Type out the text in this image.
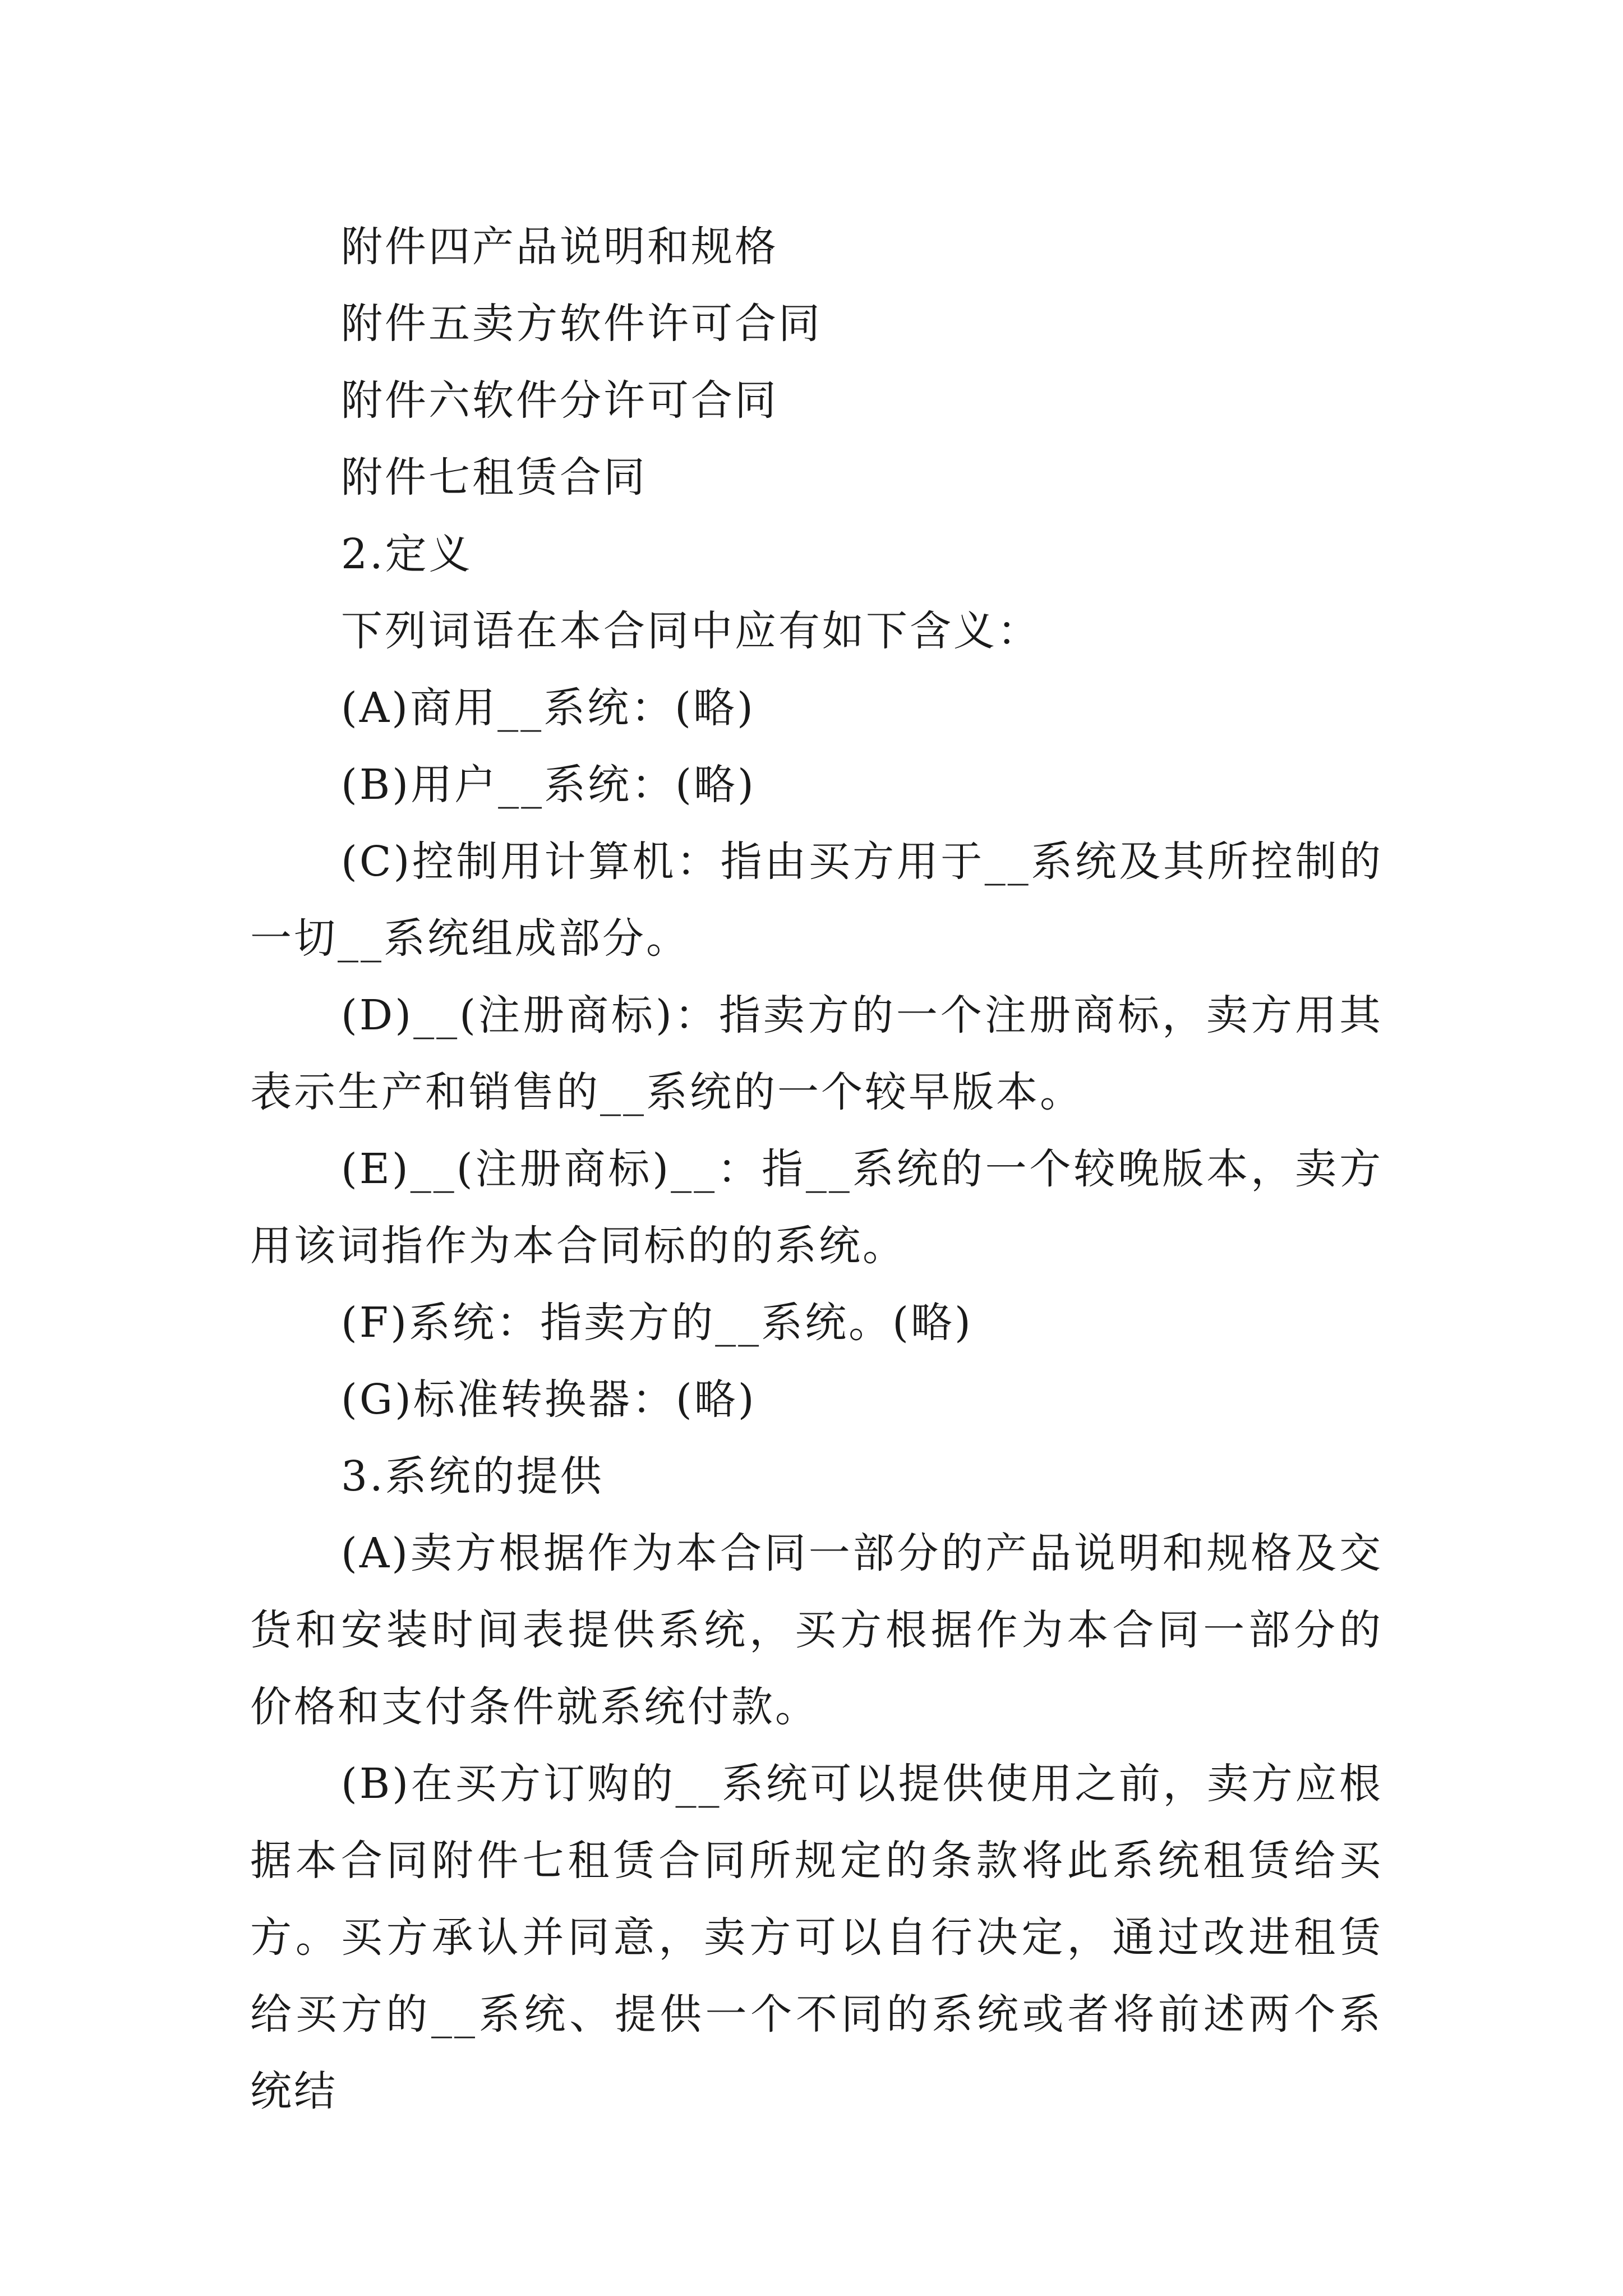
附件四产品说明和规格

附件五卖方软件许可合同

附件六软件分许可合同

附件七租赁合同

2.定义

下列词语在本合同中应有如下含义：

(A)商用__系统：(略)

(B)用户__系统：(略)

(C)控制用计算机：指由买方用于__系统及其所控制的一切__系统组成部分。

(D)__(注册商标)：指卖方的一个注册商标，卖方用其表示生产和销售的__系统的一个较早版本。

(E)__(注册商标)__：指__系统的一个较晚版本，卖方用该词指作为本合同标的的系统。

(F)系统：指卖方的__系统。(略)

(G)标准转换器：(略)

3.系统的提供

(A)卖方根据作为本合同一部分的产品说明和规格及交货和安装时间表提供系统，买方根据作为本合同一部分的价格和支付条件就系统付款。

(B)在买方订购的__系统可以提供使用之前，卖方应根据本合同附件七租赁合同所规定的条款将此系统租赁给买方。买方承认并同意，卖方可以自行决定，通过改进租赁给买方的__系统、提供一个不同的系统或者将前述两个系统结
